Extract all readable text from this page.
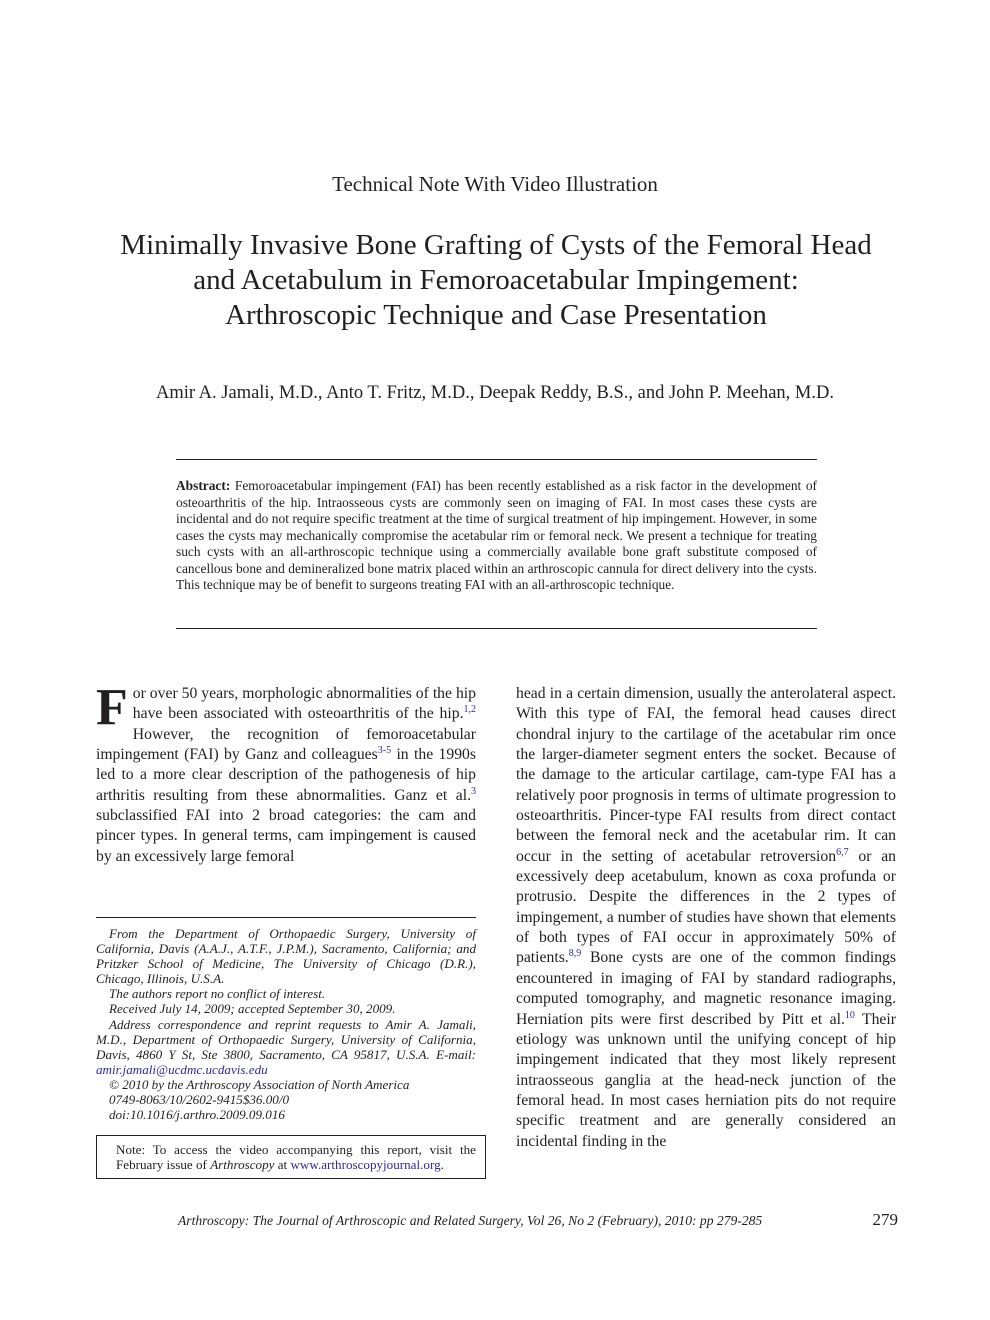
Technical Note With Video Illustration
Minimally Invasive Bone Grafting of Cysts of the Femoral Head
and Acetabulum in Femoroacetabular Impingement:
Arthroscopic Technique and Case Presentation
Amir A. Jamali, M.D., Anto T. Fritz, M.D., Deepak Reddy, B.S., and John P. Meehan, M.D.
Abstract: Femoroacetabular impingement (FAI) has been recently established as a risk factor in the development of osteoarthritis of the hip. Intraosseous cysts are commonly seen on imaging of FAI. In most cases these cysts are incidental and do not require specific treatment at the time of surgical treatment of hip impingement. However, in some cases the cysts may mechanically compromise the acetabular rim or femoral neck. We present a technique for treating such cysts with an all-arthroscopic technique using a commercially available bone graft substitute composed of cancellous bone and demineralized bone matrix placed within an arthroscopic cannula for direct delivery into the cysts. This technique may be of benefit to surgeons treating FAI with an all-arthroscopic technique.
For over 50 years, morphologic abnormalities of the hip have been associated with osteoarthritis of the hip.$^{1,2}$ However, the recognition of femoroacetabular impingement (FAI) by Ganz and colleagues$^{3-5}$ in the 1990s led to a more clear description of the pathogenesis of hip arthritis resulting from these abnormalities. Ganz et al.$^3$ subclassified FAI into 2 broad categories: the cam and pincer types. In general terms, cam impingement is caused by an excessively large femoral
head in a certain dimension, usually the anterolateral aspect. With this type of FAI, the femoral head causes direct chondral injury to the cartilage of the acetabular rim once the larger-diameter segment enters the socket. Because of the damage to the articular cartilage, cam-type FAI has a relatively poor prognosis in terms of ultimate progression to osteoarthritis. Pincer-type FAI results from direct contact between the femoral neck and the acetabular rim. It can occur in the setting of acetabular retroversion$^{6,7}$ or an excessively deep acetabulum, known as coxa profunda or protrusio. Despite the differences in the 2 types of impingement, a number of studies have shown that elements of both types of FAI occur in approximately 50% of patients.$^{8,9}$ Bone cysts are one of the common findings encountered in imaging of FAI by standard radiographs, computed tomography, and magnetic resonance imaging. Herniation pits were first described by Pitt et al.$^{10}$ Their etiology was unknown until the unifying concept of hip impingement indicated that they most likely represent intraosseous ganglia at the head-neck junction of the femoral head. In most cases herniation pits do not require specific treatment and are generally considered an incidental finding in the

From the Department of Orthopaedic Surgery, University of California, Davis (A.A.J., A.T.F., J.P.M.), Sacramento, California; and Pritzker School of Medicine, The University of Chicago (D.R.), Chicago, Illinois, U.S.A.

The authors report no conflict of interest.

Received July 14, 2009; accepted September 30, 2009.

Address correspondence and reprint requests to Amir A. Jamali, M.D., Department of Orthopaedic Surgery, University of California, Davis, 4860 Y St, Ste 3800, Sacramento, CA 95817, U.S.A. E-mail: amir.jamali@ucdmc.ucdavis.edu

© 2010 by the Arthroscopy Association of North America

0749-8063/10/2602-9415$36.00/0

doi:10.1016/j.arthro.2009.09.016

Note: To access the video accompanying this report, visit the February issue of Arthroscopy at www.arthroscopyjournal.org.
Arthroscopy: The Journal of Arthroscopic and Related Surgery, Vol 26, No 2 (February), 2010: pp 279-285	279
